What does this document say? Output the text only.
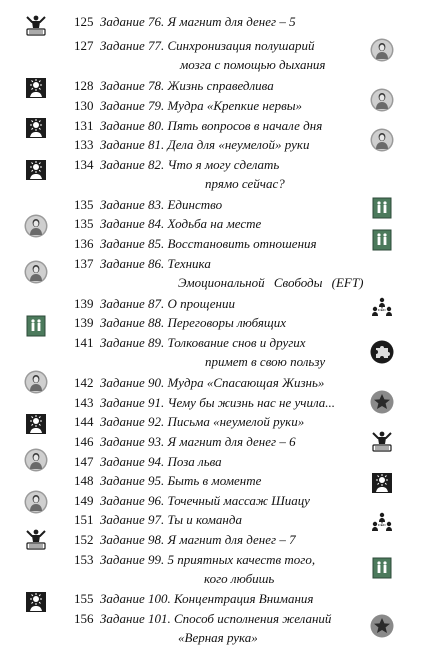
125 Задание 76. Я магнит для денег – 5
127 Задание 77. Синхронизация полушарий
мозга с помощью дыхания
128 Задание 78. Жизнь справедлива
130 Задание 79. Мудра «Крепкие нервы»
131 Задание 80. Пять вопросов в начале дня
133 Задание 81. Дела для «неумелой» руки
134 Задание 82. Что я могу сделать
прямо сейчас?
135 Задание 83. Единство
135 Задание 84. Ходьба на месте
136 Задание 85. Восстановить отношения
137 Задание 86. Техника
Эмоциональной Свободы (EFT)
139 Задание 87. О прощении
139 Задание 88. Переговоры любящих
141 Задание 89. Толкование снов и других
примет в свою пользу
142 Задание 90. Мудра «Спасающая Жизнь»
143 Задание 91. Чему бы жизнь нас не учила...
144 Задание 92. Письма «неумелой руки»
146 Задание 93. Я магнит для денег – 6
147 Задание 94. Поза льва
148 Задание 95. Быть в моменте
149 Задание 96. Точечный массаж Шиацу
151 Задание 97. Ты и команда
152 Задание 98. Я магнит для денег – 7
153 Задание 99. 5 приятных качеств того,
кого любишь
155 Задание 100. Концентрация Внимания
156 Задание 101. Способ исполнения желаний
«Верная рука»
